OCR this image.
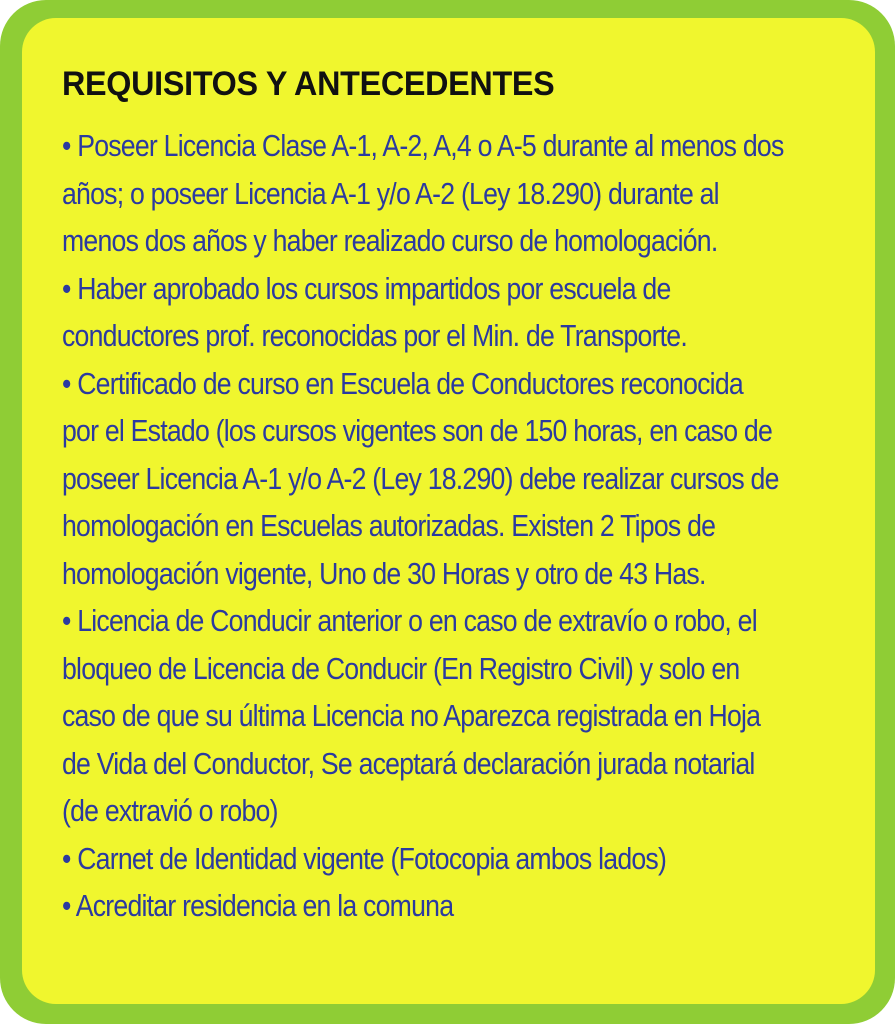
REQUISITOS Y ANTECEDENTES
• Poseer Licencia Clase A-1, A-2, A,4 o A-5 durante al menos dos
años; o poseer Licencia A-1 y/o A-2 (Ley 18.290) durante al
menos dos años y haber realizado curso de homologación.
• Haber aprobado los cursos impartidos por escuela de
conductores prof. reconocidas por el Min. de Transporte.
• Certificado de curso en Escuela de Conductores reconocida
por el Estado (los cursos vigentes son de 150 horas, en caso de
poseer Licencia A-1 y/o A-2 (Ley 18.290) debe realizar cursos de
homologación en Escuelas autorizadas. Existen 2 Tipos de
homologación vigente, Uno de 30 Horas y otro de 43 Has.
• Licencia de Conducir anterior o en caso de extravío o robo, el
bloqueo de Licencia de Conducir (En Registro Civil) y solo en
caso de que su última Licencia no Aparezca registrada en Hoja
de Vida del Conductor, Se aceptará declaración jurada notarial
(de extravió o robo)
• Carnet de Identidad vigente (Fotocopia ambos lados)
• Acreditar residencia en la comuna
